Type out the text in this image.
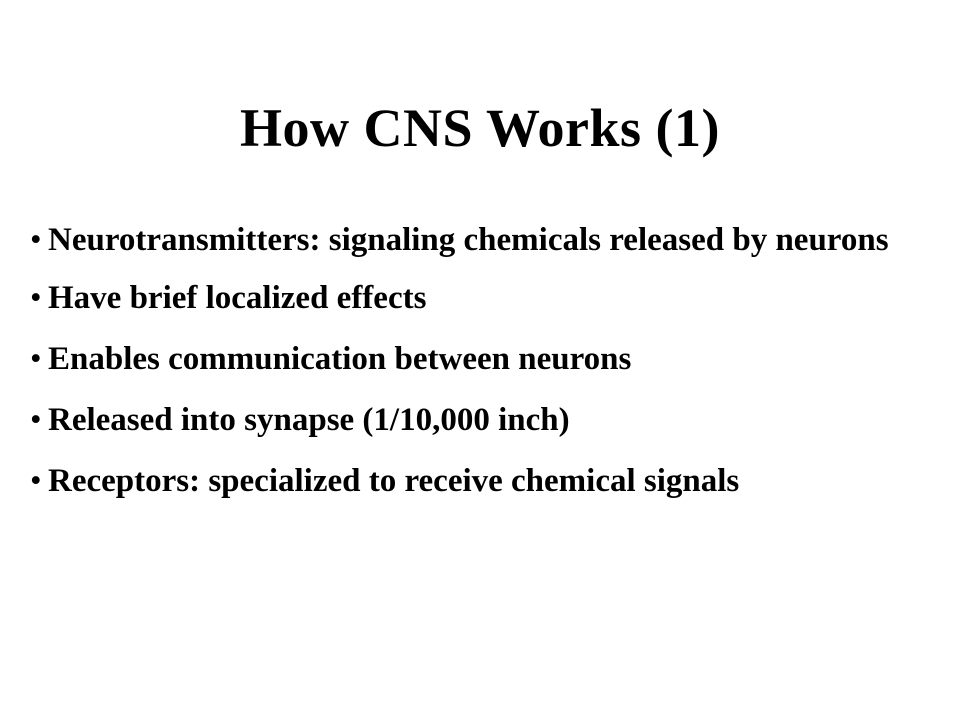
How CNS Works (1)
• Neurotransmitters: signaling chemicals released by neurons
• Have brief localized effects
• Enables communication between neurons
• Released into synapse (1/10,000 inch)
• Receptors: specialized to receive chemical signals
